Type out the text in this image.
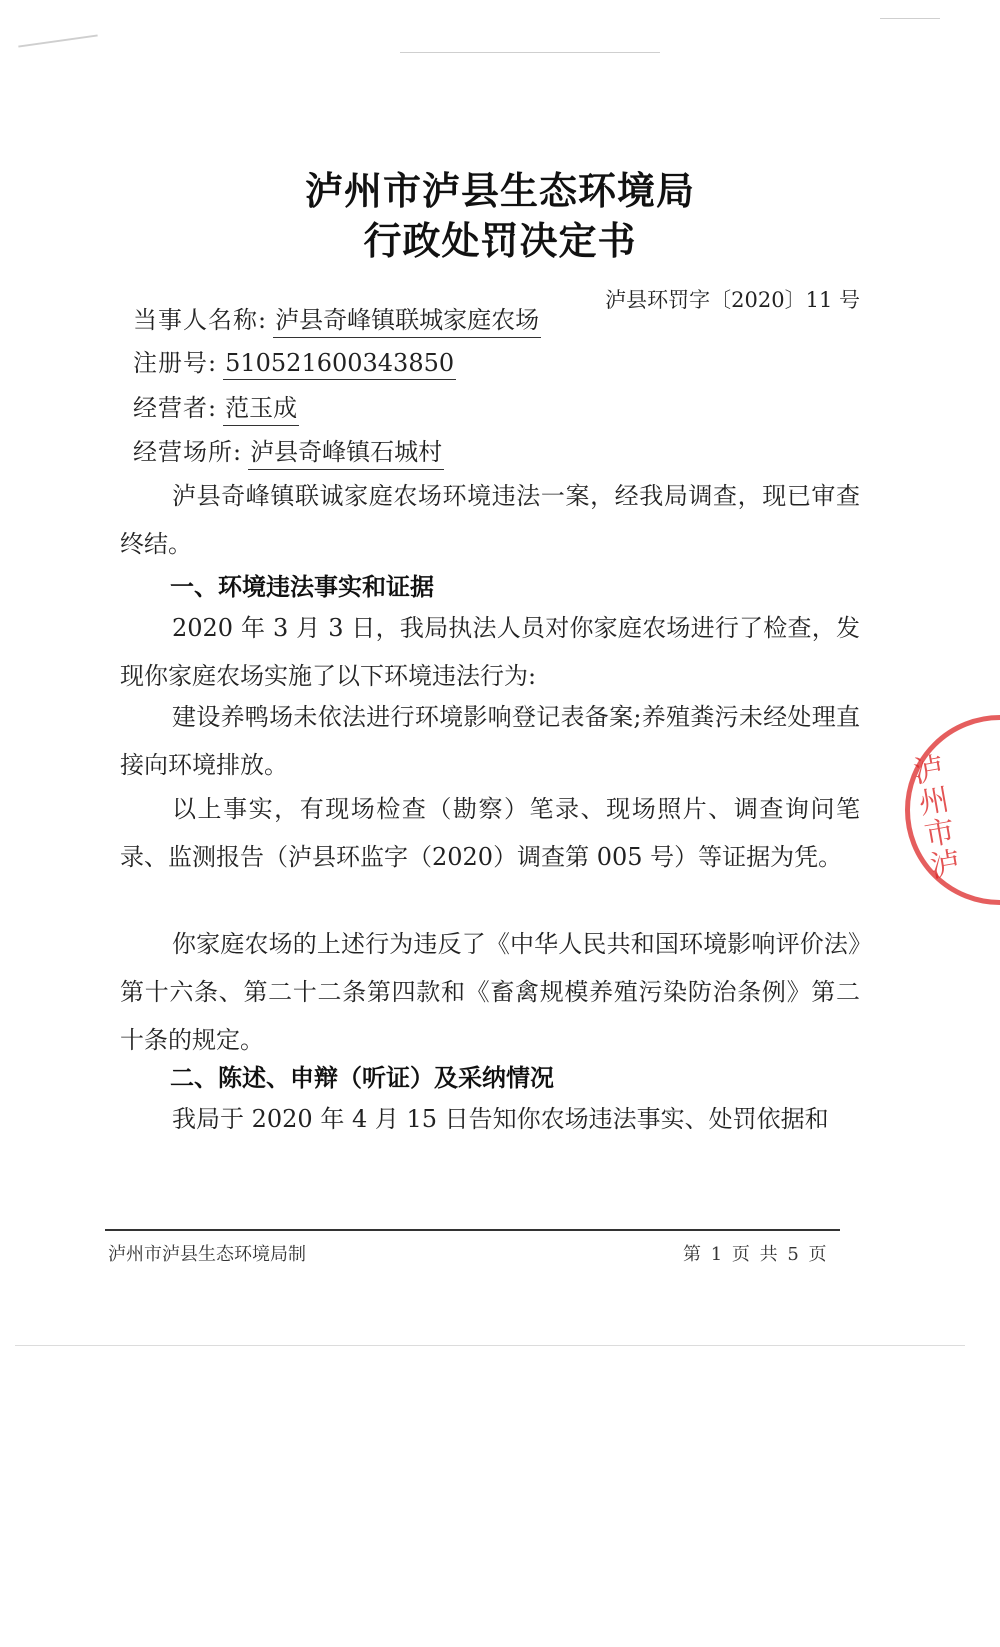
泸州市泸县生态环境局
行政处罚决定书
泸县环罚字〔2020〕11 号
当事人名称: 泸县奇峰镇联城家庭农场
注册号: 510521600343850
经营者: 范玉成
经营场所: 泸县奇峰镇石城村
泸县奇峰镇联诚家庭农场环境违法一案，经我局调查，现已审查终结。
一、环境违法事实和证据
2020 年 3 月 3 日，我局执法人员对你家庭农场进行了检查，发现你家庭农场实施了以下环境违法行为:
建设养鸭场未依法进行环境影响登记表备案;养殖粪污未经处理直接向环境排放。
以上事实，有现场检查（勘察）笔录、现场照片、调查询问笔录、监测报告（泸县环监字（2020）调查第 005 号）等证据为凭。
你家庭农场的上述行为违反了《中华人民共和国环境影响评价法》第十六条、第二十二条第四款和《畜禽规模养殖污染防治条例》第二十条的规定。
二、陈述、申辩（听证）及采纳情况
我局于 2020 年 4 月 15 日告知你农场违法事实、处罚依据和
泸州市泸县生态环境局制	第 1 页 共 5 页
泸州市泸
